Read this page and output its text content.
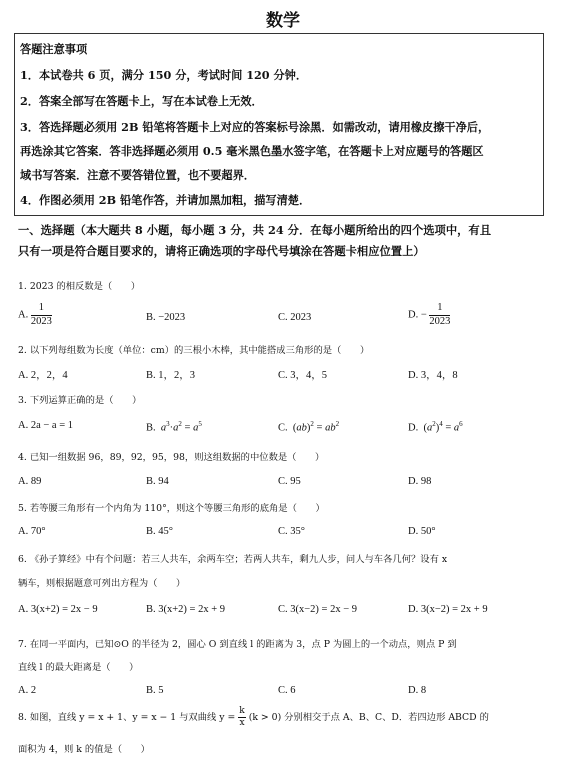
数学
答题注意事项
1．本试卷共 6 页，满分 150 分，考试时间 120 分钟．
2．答案全部写在答题卡上，写在本试卷上无效．
3．答选择题必须用 2B 铅笔将答题卡上对应的答案标号涂黑．如需改动，请用橡皮擦干净后，
再选涂其它答案．答非选择题必须用 0.5 毫米黑色墨水签字笔，在答题卡上对应题号的答题区
域书写答案．注意不要答错位置，也不要超界．
4．作图必须用 2B 铅笔作答，并请加黑加粗，描写清楚．
一、选择题（本大题共 8 小题，每小题 3 分，共 24 分．在每小题所给出的四个选项中，有且
只有一项是符合题目要求的，请将正确选项的字母代号填涂在答题卡相应位置上）
1. 2023 的相反数是（　　）
A. $\frac{1}{2023}$	B. −2023	C. 2023	D. − $\frac{1}{2023}$
2. 以下列每组数为长度（单位：cm）的三根小木棒，其中能搭成三角形的是（　　）
A. 2，2，4	B. 1，2，3	C. 3，4，5	D. 3，4，8
3. 下列运算正确的是（　　）
A. 2a − a = 1	B. $a^3\cdot a^2 = a^5$	C.  $(ab)^2 = ab^2$	D.  $(a^2)^4 = a^6$
4. 已知一组数据 96，89，92，95，98，则这组数据的中位数是（　　）
A. 89	B. 94	C. 95	D. 98
5. 若等腰三角形有一个内角为 110°，则这个等腰三角形的底角是（　　）
A. 70°	B. 45°	C. 35°	D. 50°
6. 《孙子算经》中有个问题：若三人共车，余两车空；若两人共车，剩九人步，问人与车各几何？设有 x
辆车，则根据题意可列出方程为（　　）
A. 3(x+2) = 2x − 9	B. 3(x+2) = 2x + 9	C. 3(x−2) = 2x − 9	D. 3(x−2) = 2x + 9
7. 在同一平面内，已知⊙O 的半径为 2，圆心 O 到直线 l 的距离为 3，点 P 为圆上的一个动点，则点 P 到
直线 l 的最大距离是（　　）
A. 2	B. 5	C. 6	D. 8
8. 如图，直线 y = x + 1、y = x − 1 与双曲线 $y = \frac{k}{x} (k > 0)$ 分别相交于点 A、B、C、D．若四边形 ABCD 的
面积为 4，则 k 的值是（　　）
